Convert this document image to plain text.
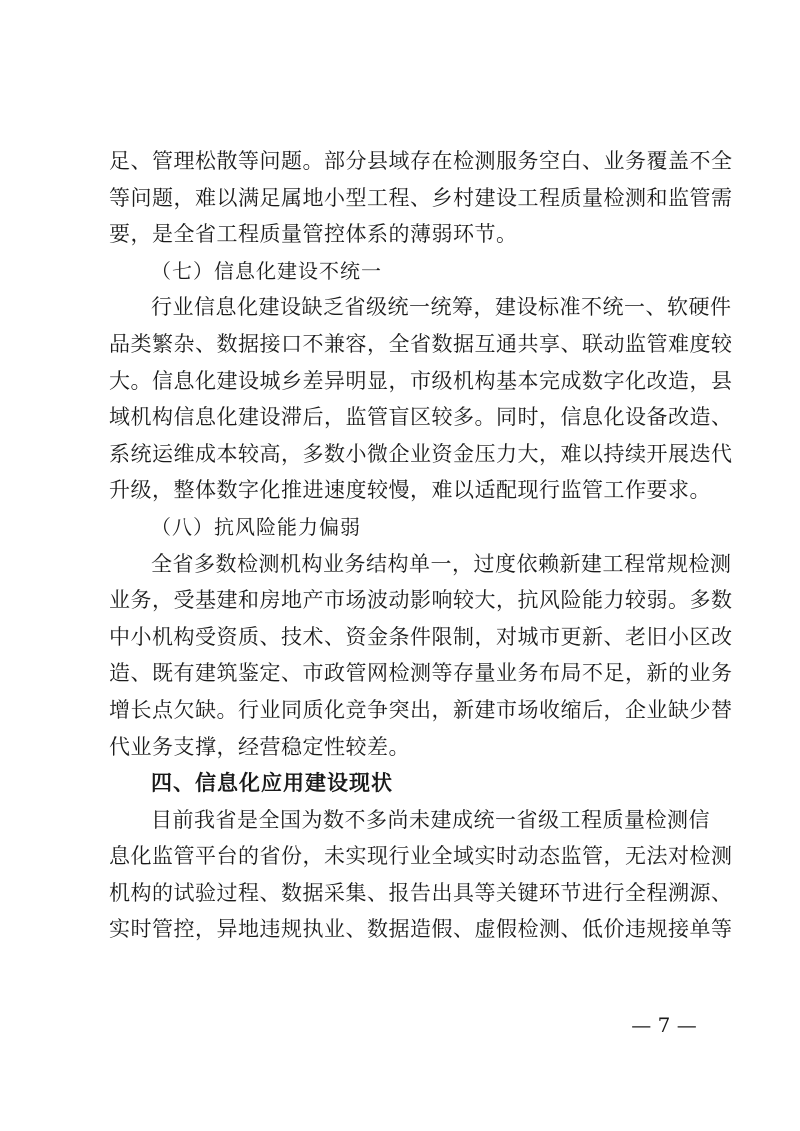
足、管理松散等问题。部分县域存在检测服务空白、业务覆盖不全
等问题，难以满足属地小型工程、乡村建设工程质量检测和监管需
要，是全省工程质量管控体系的薄弱环节。
（七）信息化建设不统一
行业信息化建设缺乏省级统一统筹，建设标准不统一、软硬件
品类繁杂、数据接口不兼容，全省数据互通共享、联动监管难度较
大。信息化建设城乡差异明显，市级机构基本完成数字化改造，县
域机构信息化建设滞后，监管盲区较多。同时，信息化设备改造、
系统运维成本较高，多数小微企业资金压力大，难以持续开展迭代
升级，整体数字化推进速度较慢，难以适配现行监管工作要求。
（八）抗风险能力偏弱
全省多数检测机构业务结构单一，过度依赖新建工程常规检测
业务，受基建和房地产市场波动影响较大，抗风险能力较弱。多数
中小机构受资质、技术、资金条件限制，对城市更新、老旧小区改
造、既有建筑鉴定、市政管网检测等存量业务布局不足，新的业务
增长点欠缺。行业同质化竞争突出，新建市场收缩后，企业缺少替
代业务支撑，经营稳定性较差。
四、信息化应用建设现状
目前我省是全国为数不多尚未建成统一省级工程质量检测信
息化监管平台的省份，未实现行业全域实时动态监管，无法对检测
机构的试验过程、数据采集、报告出具等关键环节进行全程溯源、
实时管控，异地违规执业、数据造假、虚假检测、低价违规接单等
— 7 —
